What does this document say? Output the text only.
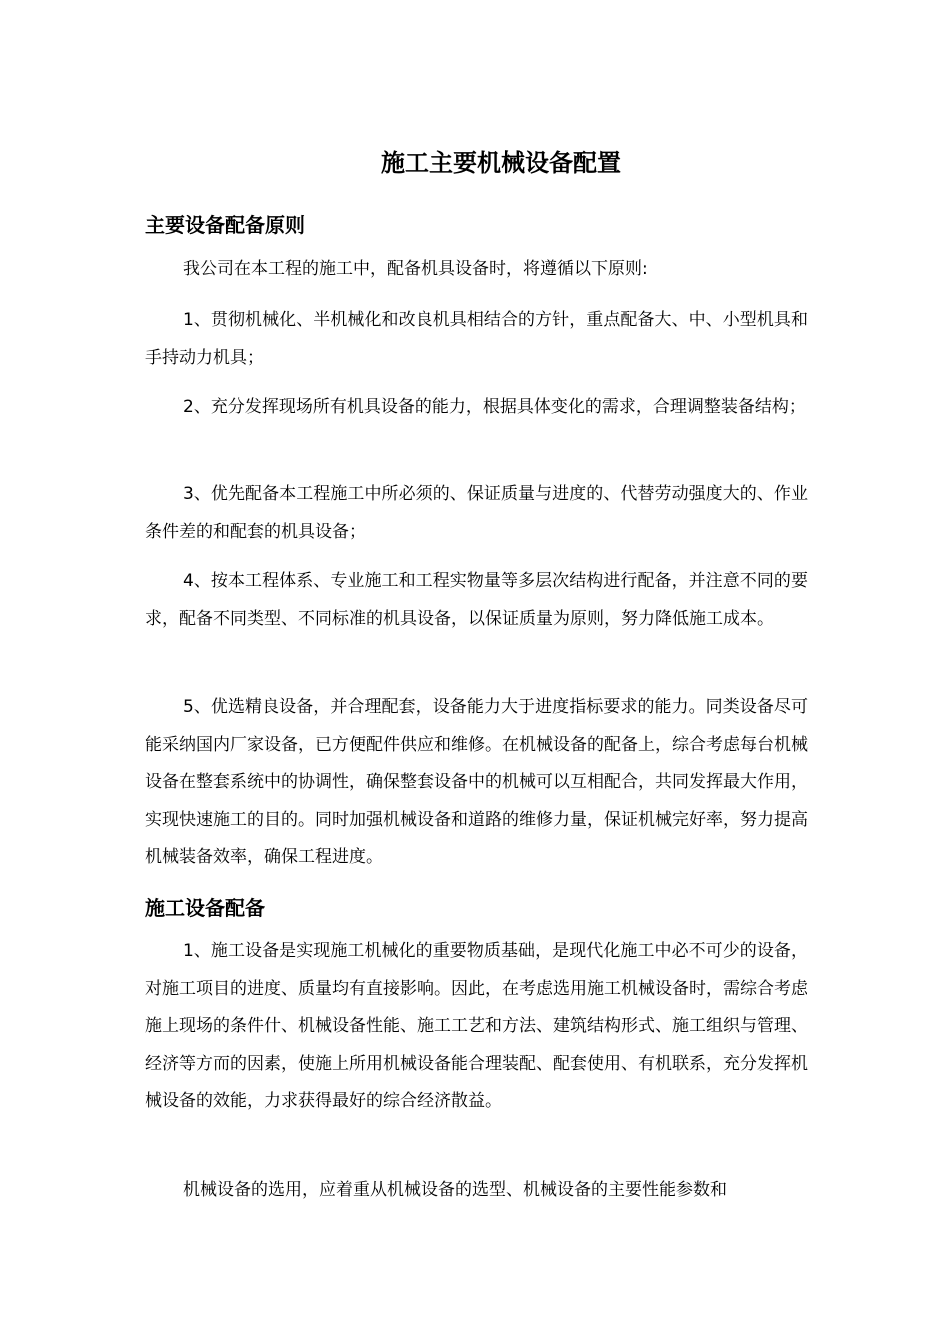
施工主要机械设备配置
主要设备配备原则

我公司在本工程的施工中，配备机具设备时，将遵循以下原则:

1、贯彻机械化、半机械化和改良机具相结合的方针，重点配备大、中、小型机具和手持动力机具；

2、充分发挥现场所有机具设备的能力，根据具体变化的需求，合理调整装备结构；

3、优先配备本工程施工中所必须的、保证质量与进度的、代替劳动强度大的、作业条件差的和配套的机具设备；

4、按本工程体系、专业施工和工程实物量等多层次结构进行配备，并注意不同的要求，配备不同类型、不同标准的机具设备，以保证质量为原则，努力降低施工成本。

5、优选精良设备，并合理配套，设备能力大于进度指标要求的能力。同类设备尽可能采纳国内厂家设备，已方便配件供应和维修。在机械设备的配备上，综合考虑每台机械设备在整套系统中的协调性，确保整套设备中的机械可以互相配合，共同发挥最大作用，实现快速施工的目的。同时加强机械设备和道路的维修力量，保证机械完好率，努力提高机械装备效率，确保工程进度。

施工设备配备

1、施工设备是实现施工机械化的重要物质基础，是现代化施工中必不可少的设备，对施工项目的进度、质量均有直接影响。因此，在考虑选用施工机械设备时，需综合考虑施上现场的条件什、机械设备性能、施工工艺和方法、建筑结构形式、施工组织与管理、经济等方而的因素，使施上所用机械设备能合理装配、配套使用、有机联系，充分发挥机械设备的效能，力求获得最好的综合经济散益。

机械设备的选用，应着重从机械设备的选型、机械设备的主要性能参数和
